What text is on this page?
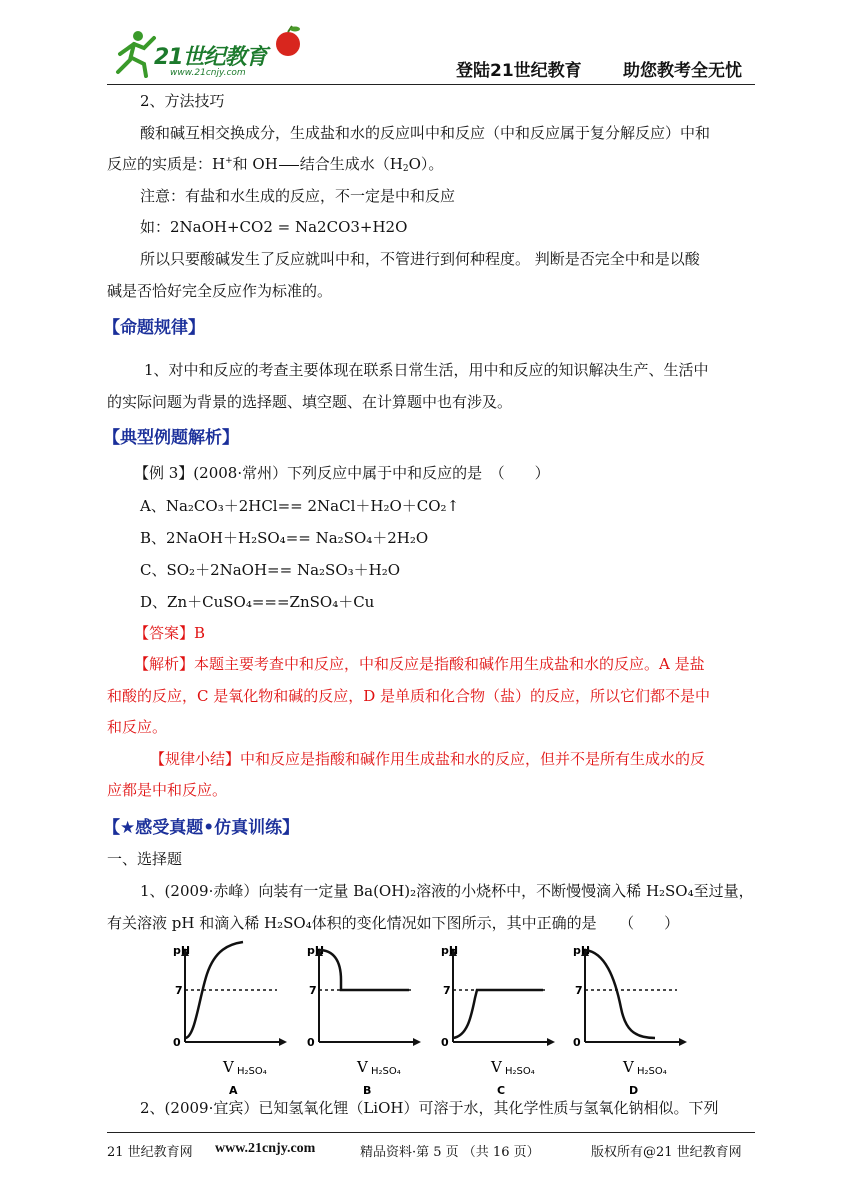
21世纪教育
www.21cnjy.com	登陆21世纪教育 助您教考全无忧
2、方法技巧
酸和碱互相交换成分，生成盐和水的反应叫中和反应（中和反应属于复分解反应）中和
反应的实质是：H+和 OH 结合生成水$(H_2O)$。
注意：有盐和水生成的反应，不一定是中和反应
如：2NaOH+CO2 = Na2CO3+H2O
所以只要酸碱发生了反应就叫中和，不管进行到何种程度。 判断是否完全中和是以酸
碱是否恰好完全反应作为标准的。
【命题规律】
1、对中和反应的考查主要体现在联系日常生活，用中和反应的知识解决生产、生活中
的实际问题为背景的选择题、填空题、在计算题中也有涉及。
【典型例题解析】
【例 3】(2008·常州）下列反应中属于中和反应的是　（　　）
A、Na₂CO₃＋2HCl== 2NaCl＋H₂O＋CO₂↑
B、2NaOH＋H₂SO₄== Na₂SO₄＋2H₂O
C、SO₂＋2NaOH== Na₂SO₃＋H₂O
D、Zn＋CuSO₄===ZnSO₄＋Cu
【答案】B
【解析】本题主要考查中和反应，中和反应是指酸和碱作用生成盐和水的反应。A 是盐
和酸的反应，C 是氧化物和碱的反应，D 是单质和化合物（盐）的反应，所以它们都不是中
和反应。
【规律小结】中和反应是指酸和碱作用生成盐和水的反应，但并不是所有生成水的反
应都是中和反应。
【★感受真题•仿真训练】
一、选择题
1、(2009·赤峰）向装有一定量 Ba(OH)₂溶液的小烧杯中，不断慢慢滴入稀 H₂SO₄至过量，
有关溶液 pH 和滴入稀 H₂SO₄体积的变化情况如下图所示，其中正确的是　　（　　）
pH
7
0
V H₂SO₄
A
pH
7
0
V H₂SO₄
B
pH
7
0
V H₂SO₄
C
pH
7
0
V H₂SO₄
D
2、(2009·宜宾）已知氢氧化锂（LiOH）可溶于水，其化学性质与氢氧化钠相似。下列
21 世纪教育网 www.21cnjy.com	精品资料·第 5 页 （共 16 页）	版权所有@21 世纪教育网
